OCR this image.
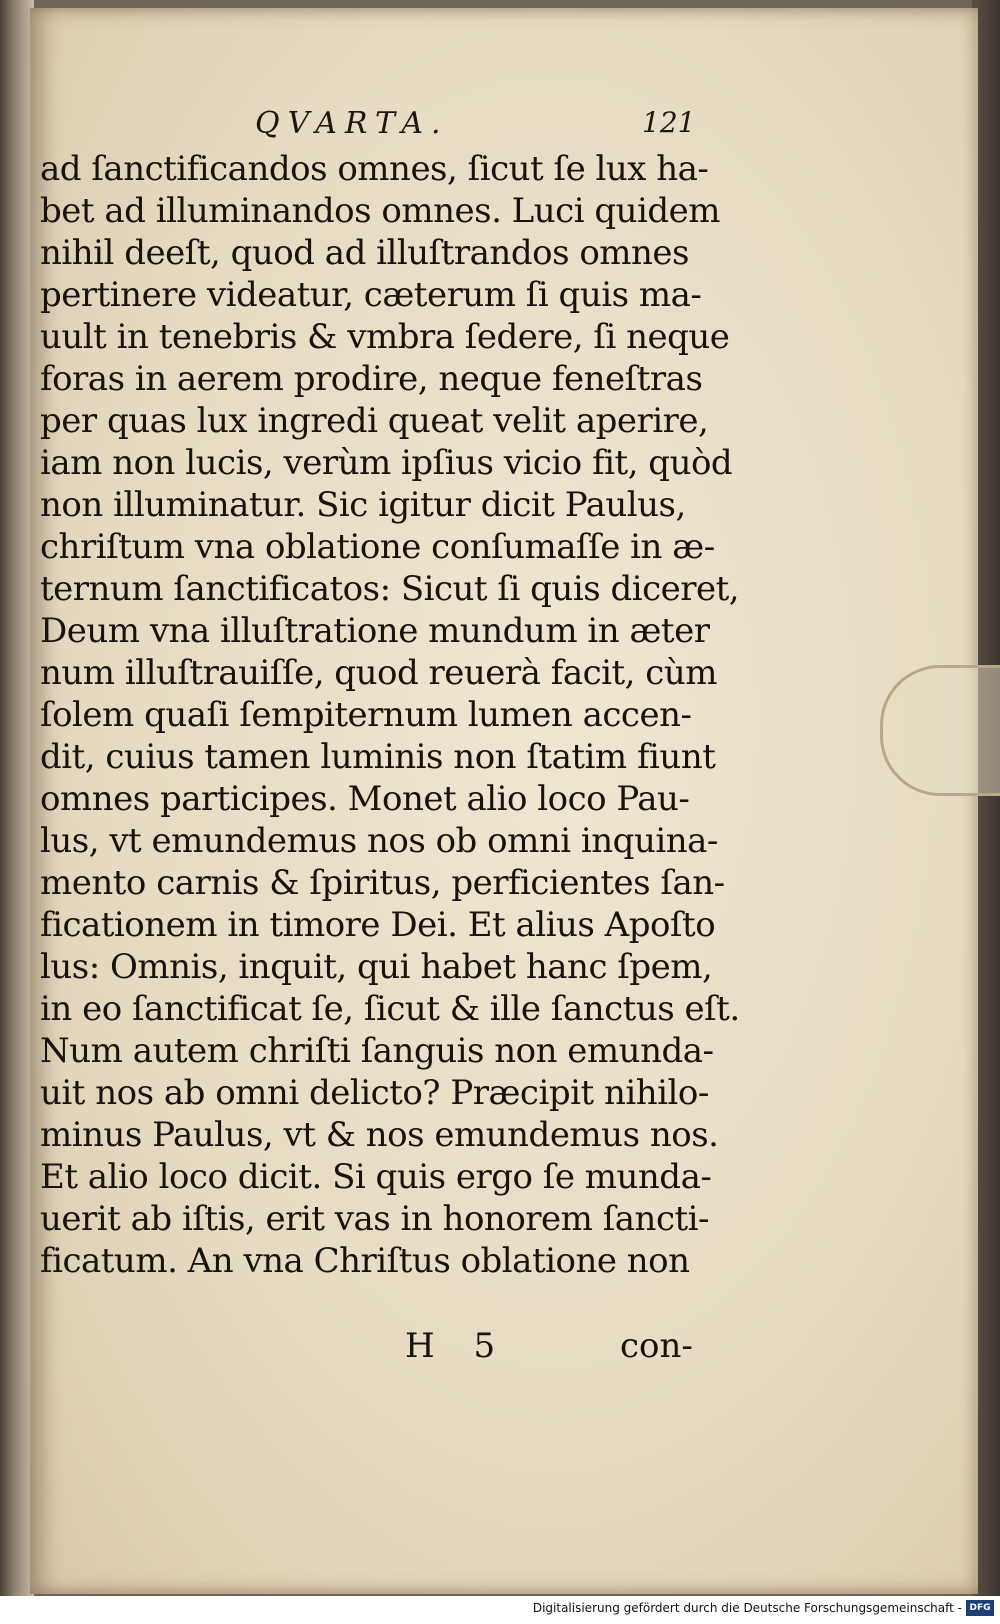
QVARTA.	121
ad ſanctificandos omnes, ſicut ſe lux ha-
bet ad illuminandos omnes. Luci quidem
nihil deeſt, quod ad illuſtrandos omnes
pertinere videatur, cæterum ſi quis ma-
uult in tenebris & vmbra ſedere, ſi neque
foras in aerem prodire, neque feneſtras
per quas lux ingredi queat velit aperire,
iam non lucis, verùm ipſius vicio fit, quòd
non illuminatur. Sic igitur dicit Paulus,
chriſtum vna oblatione conſumaſſe in æ-
ternum ſanctificatos: Sicut ſi quis diceret,
Deum vna illuſtratione mundum in æter
num illuſtrauiſſe, quod reuerà facit, cùm
ſolem quaſi ſempiternum lumen accen-
dit, cuius tamen luminis non ſtatim fiunt
omnes participes. Monet alio loco Pau-
lus, vt emundemus nos ob omni inquina-
mento carnis & ſpiritus, perficientes ſan-
ficationem in timore Dei. Et alius Apoſto
lus: Omnis, inquit, qui habet hanc ſpem,
in eo ſanctificat ſe, ſicut & ille ſanctus eſt.
Num autem chriſti ſanguis non emunda-
uit nos ab omni delicto? Præcipit nihilo-
minus Paulus, vt & nos emundemus nos.
Et alio loco dicit. Si quis ergo ſe munda-
uerit ab iſtis, erit vas in honorem ſancti-
ficatum. An vna Chriſtus oblatione non
H 5	con-
Digitalisierung gefördert durch die Deutsche Forschungsgemeinschaft - DFG
